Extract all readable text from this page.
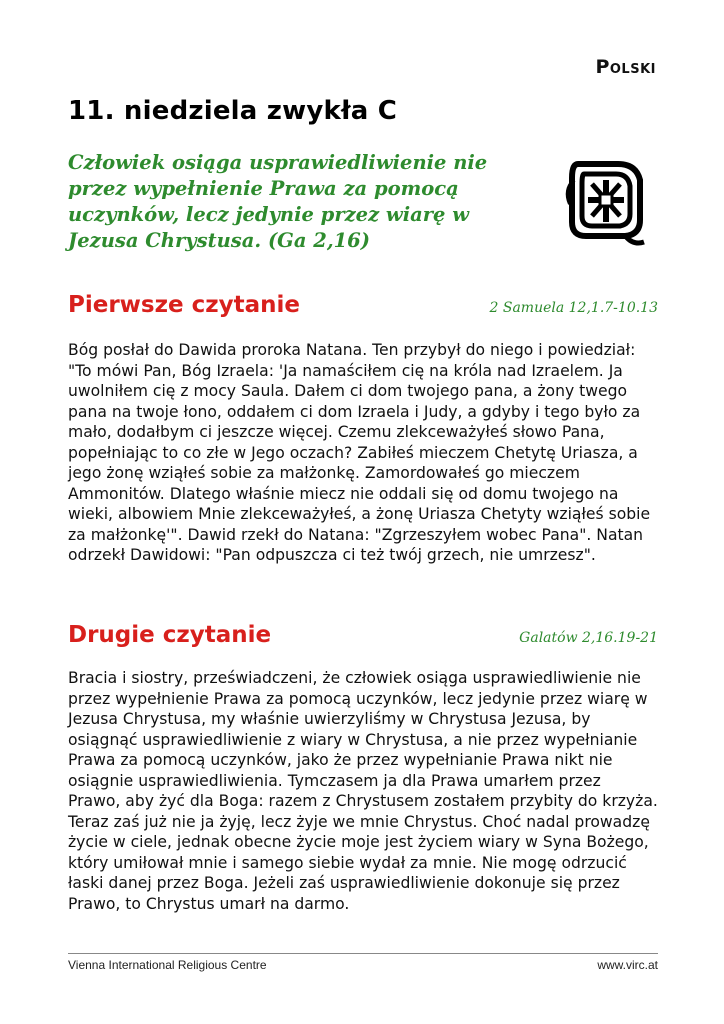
Polski
11. niedziela zwykła C

Człowiek osiąga usprawiedliwienie nie przez wypełnienie Prawa za pomocą uczynków, lecz jedynie przez wiarę w Jezusa Chrystusa. (Ga 2,16)

Pierwsze czytanie	2 Samuela 12,1.7-10.13

Bóg posłał do Dawida proroka Natana. Ten przybył do niego i powiedział: "To mówi Pan, Bóg Izraela: 'Ja namaściłem cię na króla nad Izraelem. Ja uwolniłem cię z mocy Saula. Dałem ci dom twojego pana, a żony twego pana na twoje łono, oddałem ci dom Izraela i Judy, a gdyby i tego było za mało, dodałbym ci jeszcze więcej. Czemu zlekceważyłeś słowo Pana, popełniając to co złe w Jego oczach? Zabiłeś mieczem Chetytę Uriasza, a jego żonę wziąłeś sobie za małżonkę. Zamordowałeś go mieczem Ammonitów. Dlatego właśnie miecz nie oddali się od domu twojego na wieki, albowiem Mnie zlekceważyłeś, a żonę Uriasza Chetyty wziąłeś sobie za małżonkę'". Dawid rzekł do Natana: "Zgrzeszyłem wobec Pana". Natan odrzekł Dawidowi: "Pan odpuszcza ci też twój grzech, nie umrzesz".

Drugie czytanie	Galatów 2,16.19-21

Bracia i siostry, przeświadczeni, że człowiek osiąga usprawiedliwienie nie przez wypełnienie Prawa za pomocą uczynków, lecz jedynie przez wiarę w Jezusa Chrystusa, my właśnie uwierzyliśmy w Chrystusa Jezusa, by osiągnąć usprawiedliwienie z wiary w Chrystusa, a nie przez wypełnianie Prawa za pomocą uczynków, jako że przez wypełnianie Prawa nikt nie osiągnie usprawiedliwienia. Tymczasem ja dla Prawa umarłem przez Prawo, aby żyć dla Boga: razem z Chrystusem zostałem przybity do krzyża. Teraz zaś już nie ja żyję, lecz żyje we mnie Chrystus. Choć nadal prowadzę życie w ciele, jednak obecne życie moje jest życiem wiary w Syna Bożego, który umiłował mnie i samego siebie wydał za mnie. Nie mogę odrzucić łaski danej przez Boga. Jeżeli zaś usprawiedliwienie dokonuje się przez Prawo, to Chrystus umarł na darmo.

Vienna International Religious Centre	www.virc.at
